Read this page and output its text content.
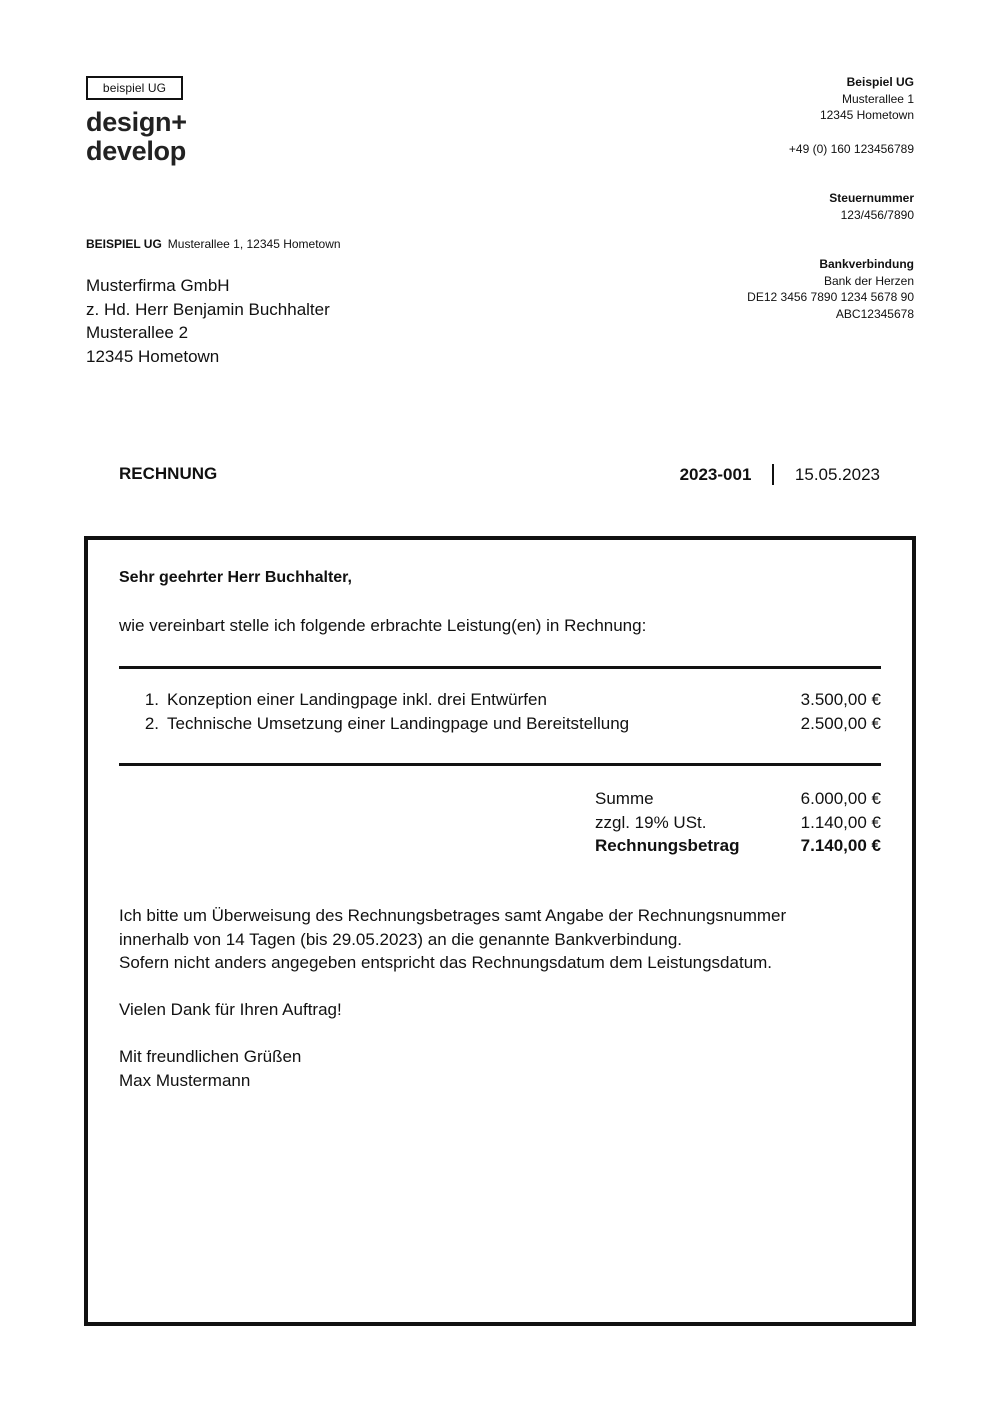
beispiel UG
design+
develop
Beispiel UG
Musterallee 1
12345 Hometown
+49 (0) 160 123456789
Steuernummer
123/456/7890
Bankverbindung
Bank der Herzen
DE12 3456 7890 1234 5678 90
ABC12345678
BEISPIEL UG Musterallee 1, 12345 Hometown
Musterfirma GmbH
z. Hd. Herr Benjamin Buchhalter
Musterallee 2
12345 Hometown
RECHNUNG	2023-001	15.05.2023
Sehr geehrter Herr Buchhalter,
wie vereinbart stelle ich folgende erbrachte Leistung(en) in Rechnung:
1. Konzeption einer Landingpage inkl. drei Entwürfen	3.500,00 €
2. Technische Umsetzung einer Landingpage und Bereitstellung	2.500,00 €
Summe	6.000,00 €
zzgl. 19% USt.	1.140,00 €
Rechnungsbetrag	7.140,00 €
Ich bitte um Überweisung des Rechnungsbetrages samt Angabe der Rechnungsnummer
innerhalb von 14 Tagen (bis 29.05.2023) an die genannte Bankverbindung.
Sofern nicht anders angegeben entspricht das Rechnungsdatum dem Leistungsdatum.
Vielen Dank für Ihren Auftrag!
Mit freundlichen Grüßen
Max Mustermann
